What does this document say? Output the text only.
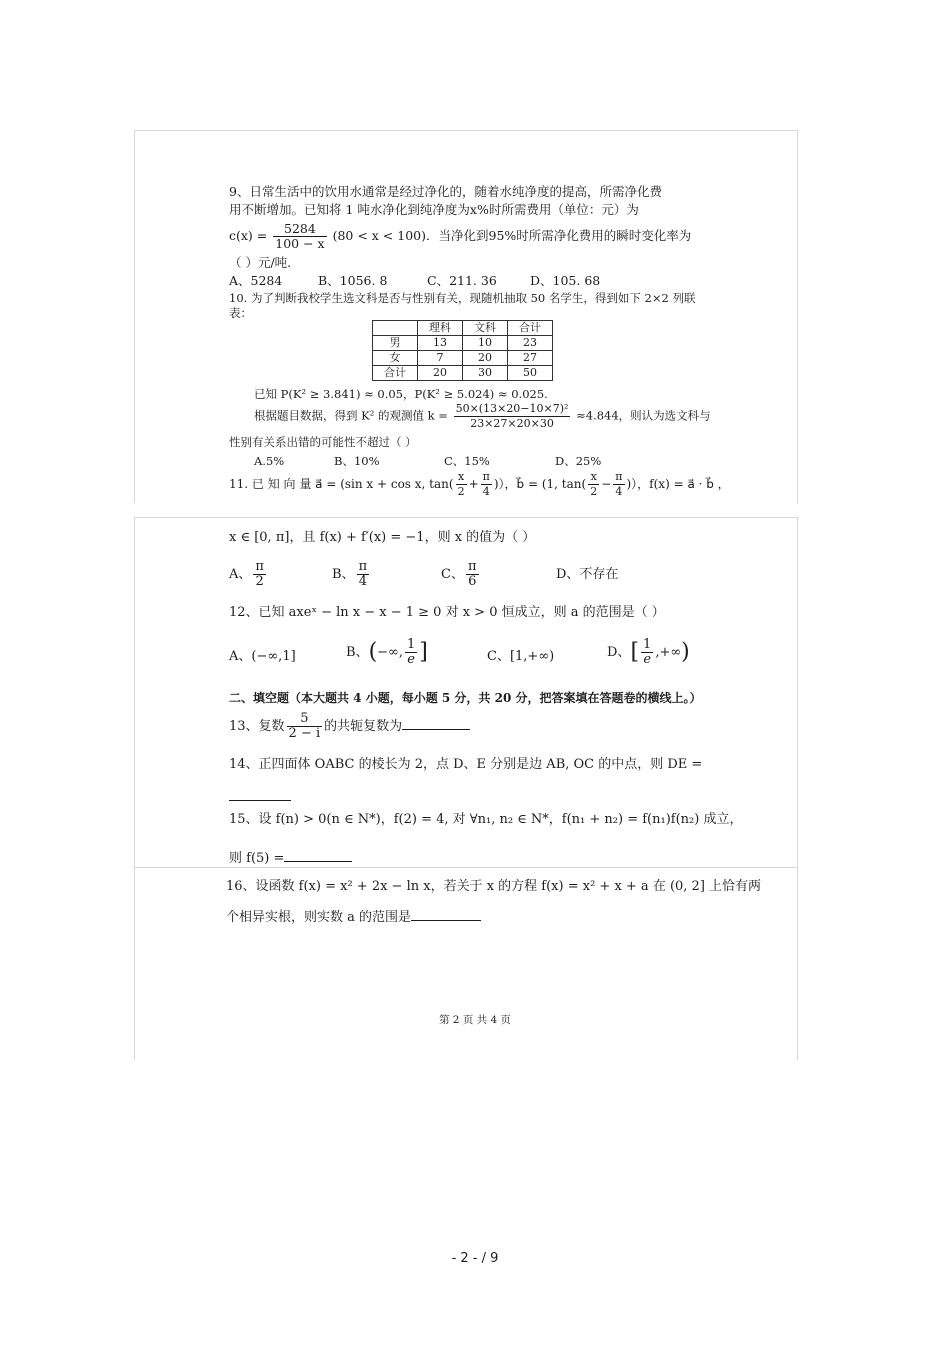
9、日常生活中的饮用水通常是经过净化的，随着水纯净度的提高，所需净化费
用不断增加。已知将 1 吨水净化到纯净度为x%时所需费用（单位：元）为
$c(x) = \frac{5284}{100 - x} (80 < x < 100)$．当净化到95%时所需净化费用的瞬时变化率为
（ ）元/吨.
A、5284	B、1056. 8	C、211. 36	D、105. 68
10. 为了判断我校学生选文科是否与性别有关，现随机抽取 50 名学生，得到如下 2×2 列联
表：
	理科	文科	合计
男	13	10	23
女	7	20	27
合计	20	30	50
已知 P(K² ≥ 3.841) ≈ 0.05，P(K² ≥ 5.024) ≈ 0.025.
根据题目数据，得到 K² 的观测值 $k = \frac{\text{50×(13×20−10×7)²}}{23\times 27\times 20\times 30} \approx 4.844$，则认为选文科与
性别有关系出错的可能性不超过（ ）
A.5%	B、10%	C、15%	D、25%
11. 已 知 向 量 a⃗ = (sin x + cos x, $\tan( \frac{x}{2} + \frac{\pi}{4}$ )），b⃗ = (1, $\tan( \frac{x}{2} - \frac{\pi}{4}$ )），f(x) = a⃗ · b⃗ ，
x ∈ [0, π]，且 f(x) + f′(x) = −1，则 x 的值为（ ）
A、 $\frac{\pi}{2}$	B、 $\frac{\pi}{4}$	C、 $\frac{\pi}{6}$	D、不存在
12、已知 axeˣ − ln x − x − 1 ≥ 0 对 x > 0 恒成立，则 a 的范围是（ ）
A、(−∞,1]	B、(−∞, $\frac{1}{e}$ ]	C、[1,+∞)	D、[ $\frac{1}{e}$ ,+∞)
二、填空题（本大题共 4 小题，每小题 5 分，共 20 分，把答案填在答题卷的横线上。）
13、复数 $\frac{5}{2 - i}$ 的共轭复数为
14、正四面体 OABC 的棱长为 2，点 D、E 分别是边 AB, OC 的中点，则 DE =
15、设 f(n) > 0(n ∈ N*)，f(2) = 4, 对 ∀n₁, n₂ ∈ N*，f(n₁ + n₂) = f(n₁)f(n₂) 成立，
则 f(5) =
16、设函数 f(x) = x² + 2x − ln x，若关于 x 的方程 f(x) = x² + x + a 在 (0, 2] 上恰有两
个相异实根，则实数 a 的范围是
第 2 页 共 4 页
- 2 - / 9
